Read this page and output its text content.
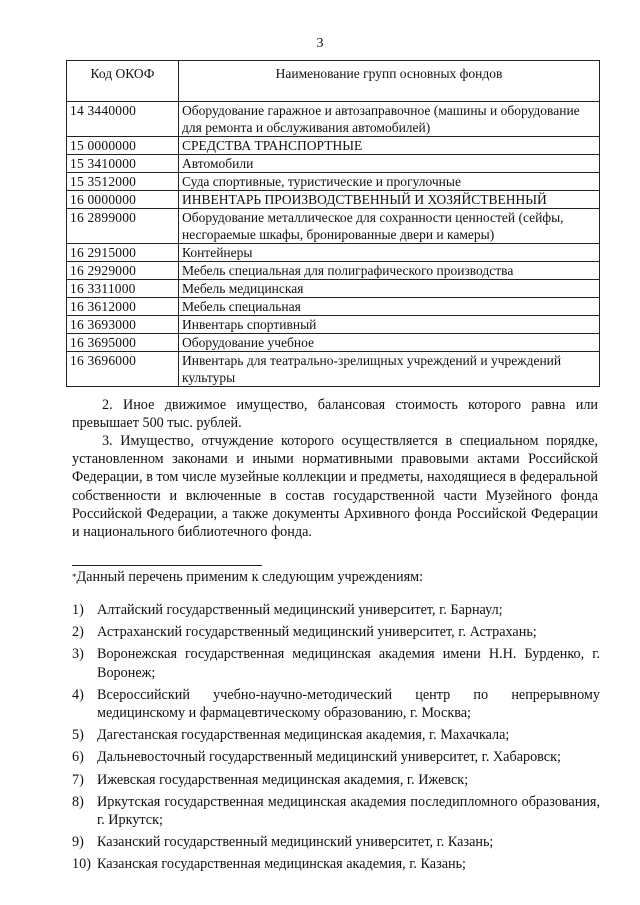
3
Код ОКОФ	Наименование групп основных фондов
14 3440000	Оборудование гаражное и автозаправочное (машины и оборудование для ремонта и обслуживания автомобилей)
15 0000000	СРЕДСТВА ТРАНСПОРТНЫЕ
15 3410000	Автомобили
15 3512000	Суда спортивные, туристические и прогулочные
16 0000000	ИНВЕНТАРЬ ПРОИЗВОДСТВЕННЫЙ И ХОЗЯЙСТВЕННЫЙ
16 2899000	Оборудование металлическое для сохранности ценностей (сейфы, несгораемые шкафы, бронированные двери и камеры)
16 2915000	Контейнеры
16 2929000	Мебель специальная для полиграфического производства
16 3311000	Мебель медицинская
16 3612000	Мебель специальная
16 3693000	Инвентарь спортивный
16 3695000	Оборудование учебное
16 3696000	Инвентарь для театрально-зрелищных учреждений и учреждений культуры
2. Иное движимое имущество, балансовая стоимость которого равна или превышает 500 тыс. рублей.
3. Имущество, отчуждение которого осуществляется в специальном порядке, установленном законами и иными нормативными правовыми актами Российской Федерации, в том числе музейные коллекции и предметы, находящиеся в федеральной собственности и включенные в состав государственной части Музейного фонда Российской Федерации, а также документы Архивного фонда Российской Федерации и национального библиотечного фонда.
*Данный перечень применим к следующим учреждениям:
1) Алтайский государственный медицинский университет, г. Барнаул;
2) Астраханский государственный медицинский университет, г. Астрахань;
3) Воронежская государственная медицинская академия имени Н.Н. Бурденко, г. Воронеж;
4) Всероссийский учебно-научно-методический центр по непрерывному медицинскому и фармацевтическому образованию, г. Москва;
5) Дагестанская государственная медицинская академия, г. Махачкала;
6) Дальневосточный государственный медицинский университет, г. Хабаровск;
7) Ижевская государственная медицинская академия, г. Ижевск;
8) Иркутская государственная медицинская академия последипломного образования, г. Иркутск;
9) Казанский государственный медицинский университет, г. Казань;
10) Казанская государственная медицинская академия, г. Казань;
